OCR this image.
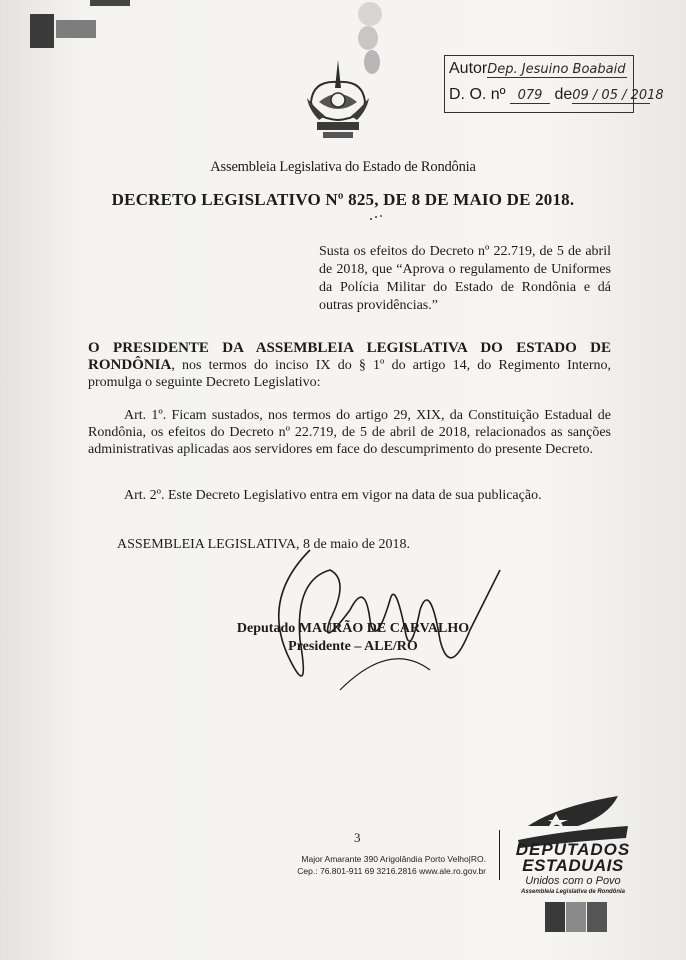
AutorDep. Jesuino Boabaid
D. O. nº 079 de09 / 05 / 2018
Assembleia Legislativa do Estado de Rondônia
DECRETO LEGISLATIVO Nº 825, DE 8 DE MAIO DE 2018.
Susta os efeitos do Decreto nº 22.719, de 5 de abril de 2018, que “Aprova o regulamento de Uniformes da Polícia Militar do Estado de Rondônia e dá outras providências.”
O PRESIDENTE DA ASSEMBLEIA LEGISLATIVA DO ESTADO DE RONDÔNIA, nos termos do inciso IX do § 1º do artigo 14, do Regimento Interno, promulga o seguinte Decreto Legislativo:
Art. 1º. Ficam sustados, nos termos do artigo 29, XIX, da Constituição Estadual de Rondônia, os efeitos do Decreto nº 22.719, de 5 de abril de 2018, relacionados as sanções administrativas aplicadas aos servidores em face do descumprimento do presente Decreto.
Art. 2º. Este Decreto Legislativo entra em vigor na data de sua publicação.
ASSEMBLEIA LEGISLATIVA, 8 de maio de 2018.
Deputado MAURÃO DE CARVALHO
Presidente – ALE/RO
3
Major Amarante 390 Arigolândia Porto Velho|RO.
Cep.: 76.801-911 69 3216.2816 www.ale.ro.gov.br
DEPUTADOS
ESTADUAIS
Unidos com o Povo
Assembleia Legislativa de Rondônia
